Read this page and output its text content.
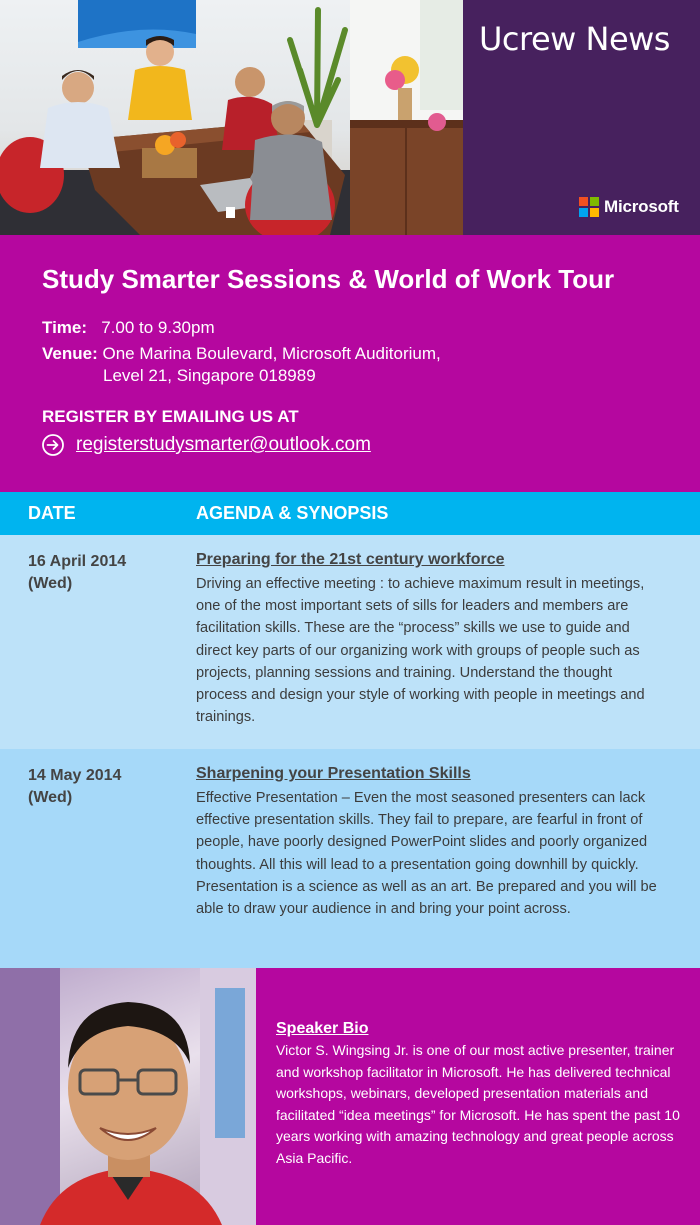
Ucrew News
Microsoft
Study Smarter Sessions & World of Work Tour
Time: 7.00 to 9.30pm
Venue: One Marina Boulevard, Microsoft Auditorium,
Level 21, Singapore 018989
REGISTER BY EMAILING US AT
registerstudysmarter@outlook.com
DATE	AGENDA & SYNOPSIS
16 April 2014
(Wed)
Preparing for the 21st century workforce
Driving an effective meeting : to achieve maximum result in meetings, one of the most important sets of sills for leaders and members are facilitation skills. These are the “process” skills we use to guide and direct key parts of our organizing work with groups of people such as projects, planning sessions and training. Understand the thought process and design your style of working with people in meetings and trainings.
14 May 2014
(Wed)
Sharpening your Presentation Skills
Effective Presentation – Even the most seasoned presenters can lack effective presentation skills. They fail to prepare, are fearful in front of people, have poorly designed PowerPoint slides and poorly organized thoughts. All this will lead to a presentation going downhill by quickly. Presentation is a science as well as an art. Be prepared and you will be able to draw your audience in and bring your point across.
Speaker Bio
Victor S. Wingsing Jr. is one of our most active presenter, trainer and workshop facilitator in Microsoft. He has delivered technical workshops, webinars, developed presentation materials and facilitated “idea meetings” for Microsoft. He has spent the past 10 years working with amazing technology and great people across Asia Pacific.
